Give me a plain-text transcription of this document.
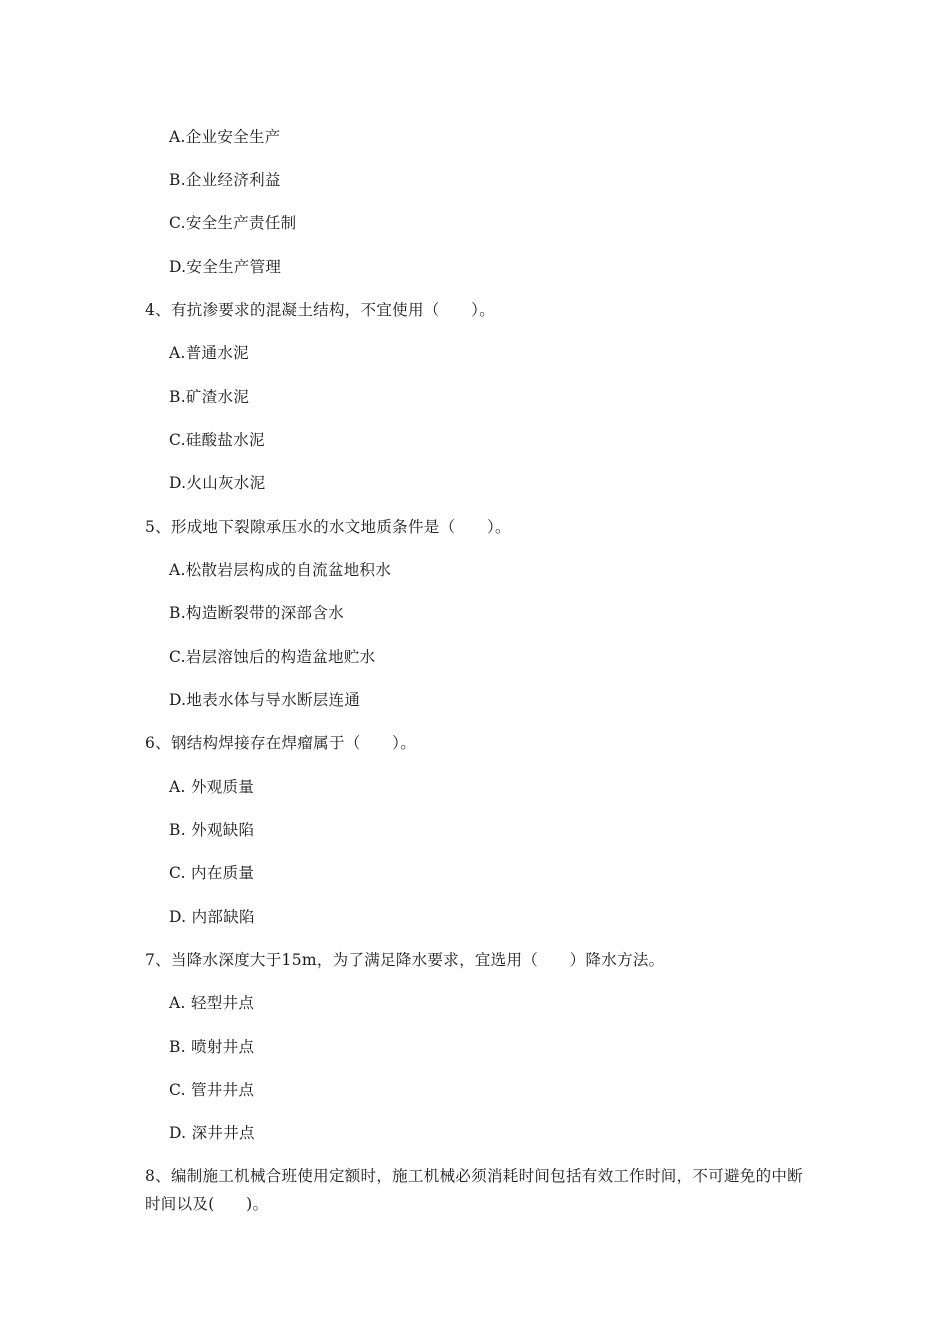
A.企业安全生产
B.企业经济利益
C.安全生产责任制
D.安全生产管理
4、有抗渗要求的混凝土结构，不宜使用（　　）。
A.普通水泥
B.矿渣水泥
C.硅酸盐水泥
D.火山灰水泥
5、形成地下裂隙承压水的水文地质条件是（　　）。
A.松散岩层构成的自流盆地积水
B.构造断裂带的深部含水
C.岩层溶蚀后的构造盆地贮水
D.地表水体与导水断层连通
6、钢结构焊接存在焊瘤属于（　　）。
A. 外观质量
B. 外观缺陷
C. 内在质量
D. 内部缺陷
7、当降水深度大于15m，为了满足降水要求，宜选用（　　）降水方法。
A. 轻型井点
B. 喷射井点
C. 管井井点
D. 深井井点
8、编制施工机械合班使用定额时，施工机械必须消耗时间包括有效工作时间，不可避免的中断时间以及(　　)。
